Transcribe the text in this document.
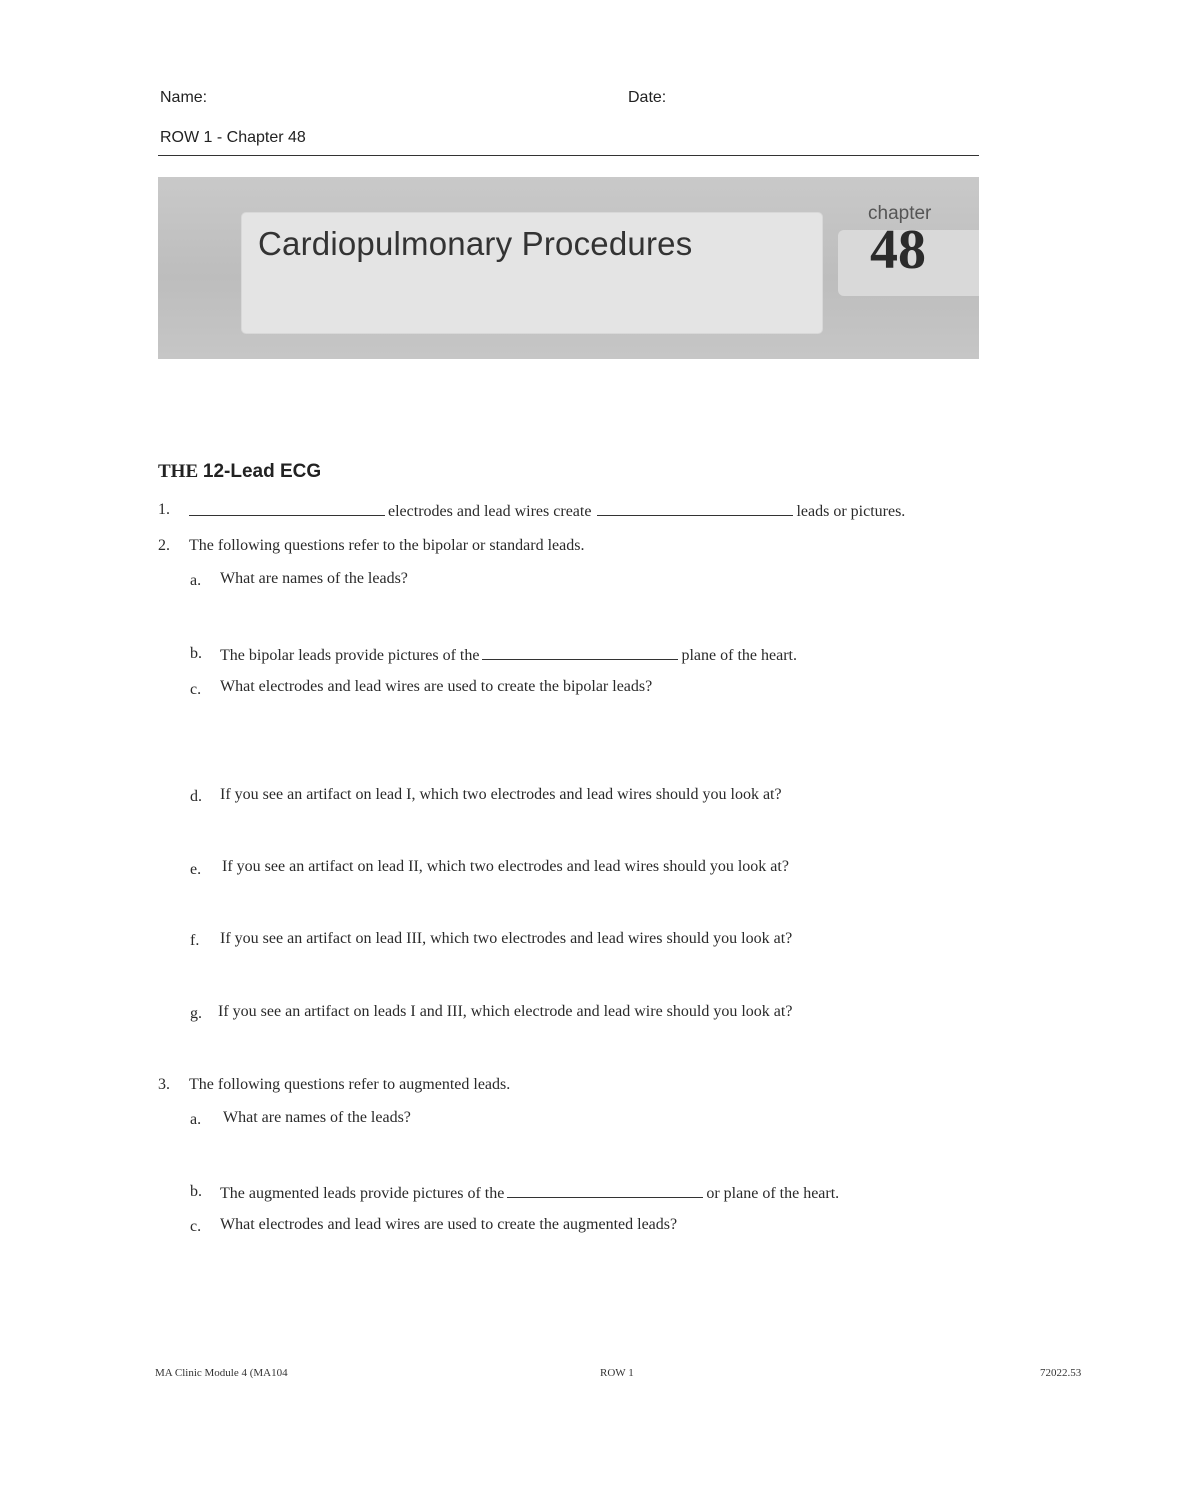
Name:	Date:
ROW 1 - Chapter 48
Cardiopulmonary Procedures
chapter
48
THE 12-Lead ECG
1.	electrodes and lead wires create	leads or pictures.
2. The following questions refer to the bipolar or standard leads.
a. What are names of the leads?
b. The bipolar leads provide pictures of the	plane of the heart.
c. What electrodes and lead wires are used to create the bipolar leads?
d. If you see an artifact on lead I, which two electrodes and lead wires should you look at?
e. If you see an artifact on lead II, which two electrodes and lead wires should you look at?
f. If you see an artifact on lead III, which two electrodes and lead wires should you look at?
g. If you see an artifact on leads I and III, which electrode and lead wire should you look at?
3. The following questions refer to augmented leads.
a. What are names of the leads?
b. The augmented leads provide pictures of the	or plane of the heart.
c. What electrodes and lead wires are used to create the augmented leads?
MA Clinic Module 4 (MA104	ROW 1	72022.53
